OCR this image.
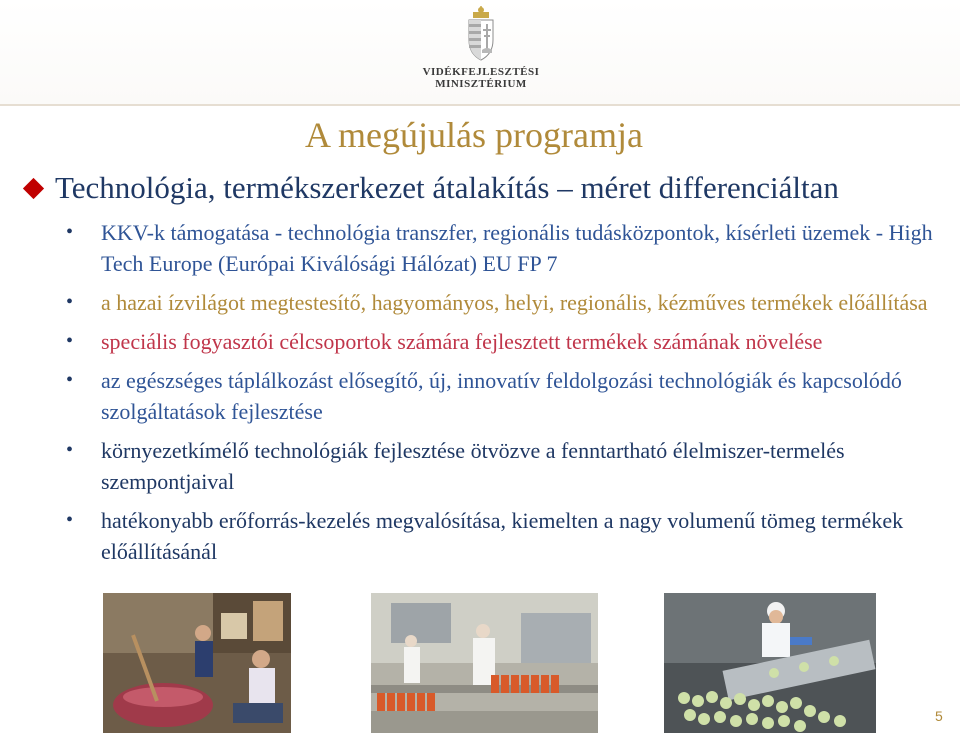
VIDÉKFEJLESZTÉSI
MINISZTÉRIUM
A megújulás programja
Technológia, termékszerkezet átalakítás – méret differenciáltan
• KKV-k támogatása - technológia transzfer, regionális tudásközpontok, kísérleti üzemek - High Tech Europe (Európai Kiválósági Hálózat) EU FP 7
• a hazai ízvilágot megtestesítő, hagyományos, helyi, regionális, kézműves termékek előállítása
• speciális fogyasztói célcsoportok számára fejlesztett termékek számának növelése
• az egészséges táplálkozást elősegítő, új, innovatív feldolgozási technológiák és kapcsolódó szolgáltatások fejlesztése
• környezetkímélő technológiák fejlesztése ötvözve a fenntartható élelmiszer-termelés szempontjaival
• hatékonyabb erőforrás-kezelés megvalósítása, kiemelten a nagy volumenű tömeg termékek előállításánál
5
